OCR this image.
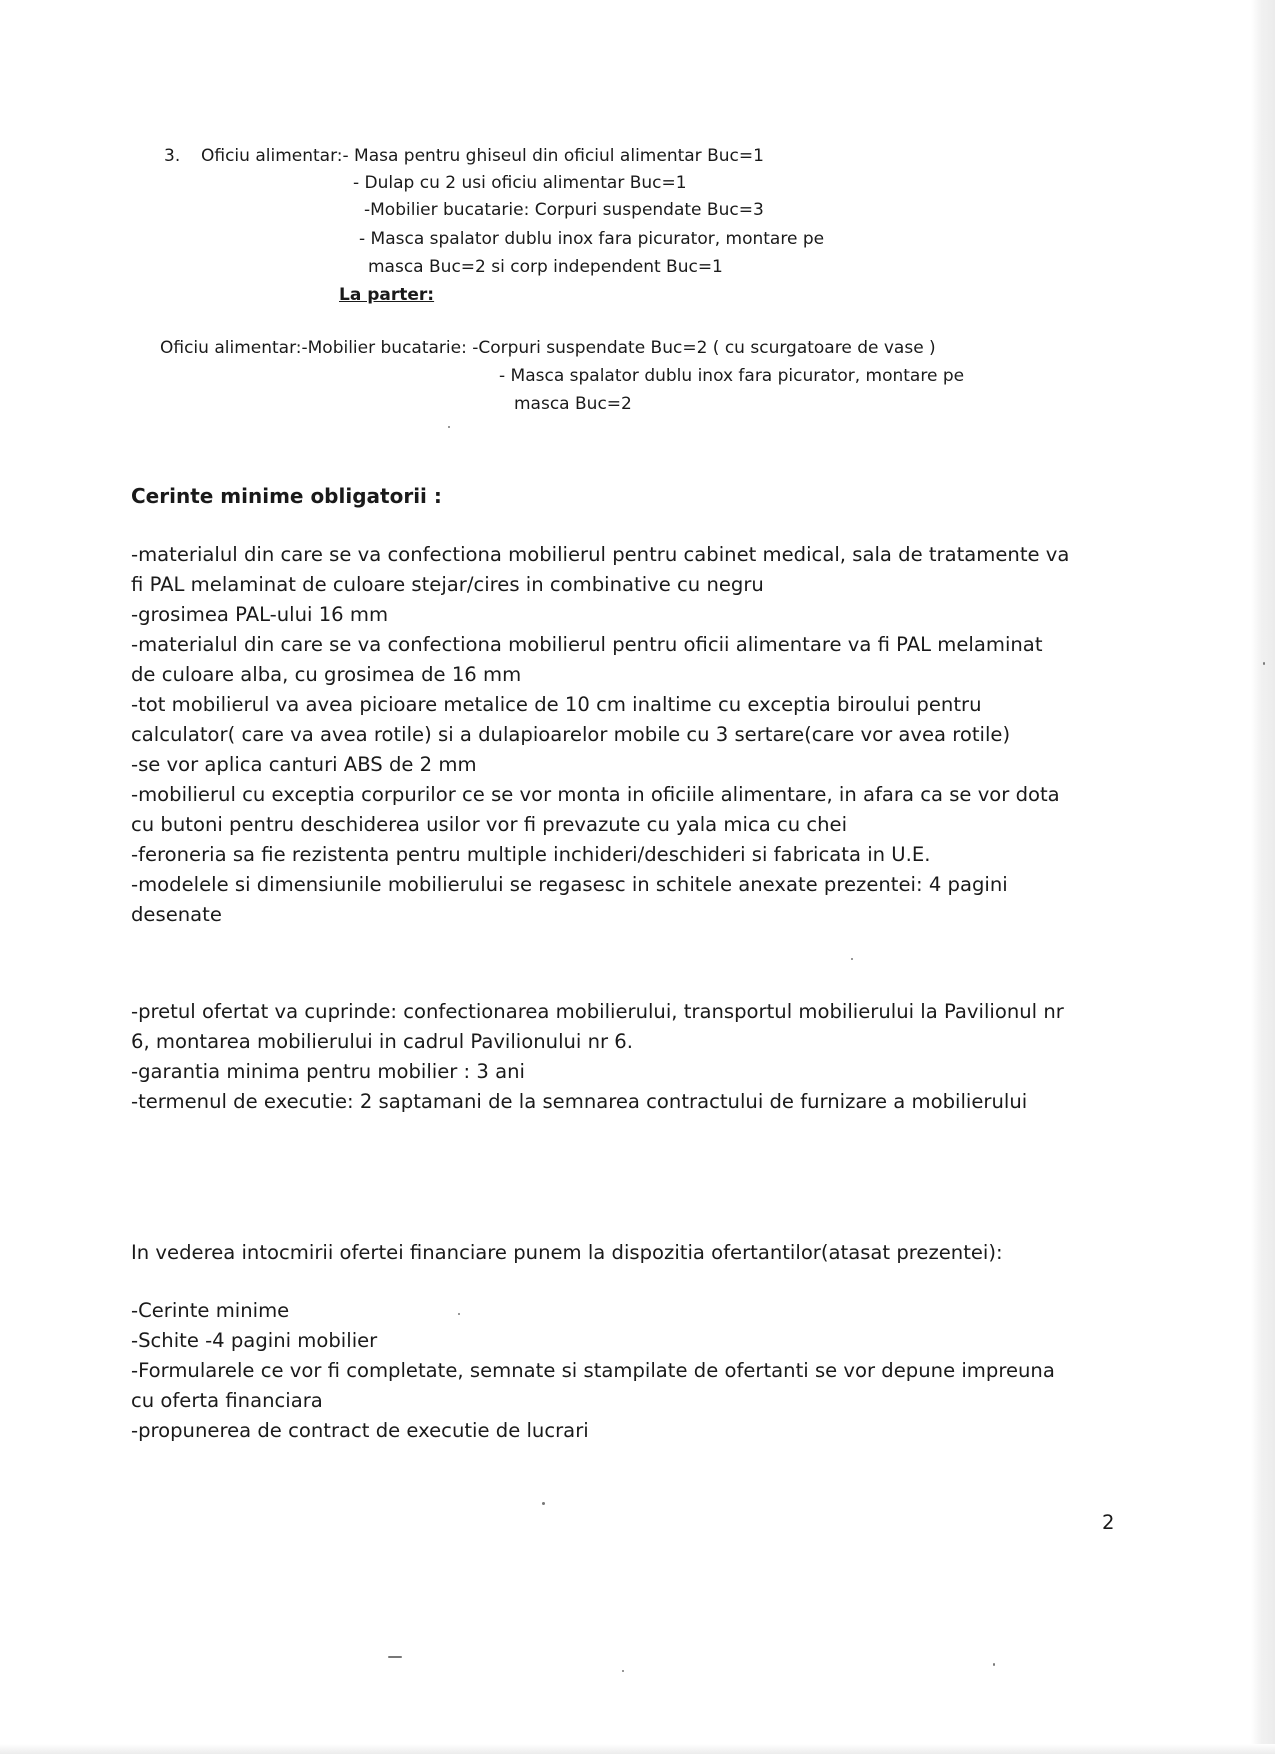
3. Oficiu alimentar:- Masa pentru ghiseul din oficiul alimentar Buc=1
- Dulap cu 2 usi oficiu alimentar Buc=1
-Mobilier bucatarie: Corpuri suspendate Buc=3
- Masca spalator dublu inox fara picurator, montare pe
masca Buc=2 si corp independent Buc=1
La parter:
Oficiu alimentar:-Mobilier bucatarie: -Corpuri suspendate Buc=2 ( cu scurgatoare de vase )
- Masca spalator dublu inox fara picurator, montare pe
masca Buc=2
Cerinte minime obligatorii :
-materialul din care se va confectiona mobilierul pentru cabinet medical, sala de tratamente va
fi PAL melaminat de culoare stejar/cires in combinative cu negru
-grosimea PAL-ului 16 mm
-materialul din care se va confectiona mobilierul pentru oficii alimentare va fi PAL melaminat
de culoare alba, cu grosimea de 16 mm
-tot mobilierul va avea picioare metalice de 10 cm inaltime cu exceptia biroului pentru
calculator( care va avea rotile) si a dulapioarelor mobile cu 3 sertare(care vor avea rotile)
-se vor aplica canturi ABS de 2 mm
-mobilierul cu exceptia corpurilor ce se vor monta in oficiile alimentare, in afara ca se vor dota
cu butoni pentru deschiderea usilor vor fi prevazute cu yala mica cu chei
-feroneria sa fie rezistenta pentru multiple inchideri/deschideri si fabricata in U.E.
-modelele si dimensiunile mobilierului se regasesc in schitele anexate prezentei: 4 pagini
desenate
-pretul ofertat va cuprinde: confectionarea mobilierului, transportul mobilierului la Pavilionul nr
6, montarea mobilierului in cadrul Pavilionului nr 6.
-garantia minima pentru mobilier : 3 ani
-termenul de executie: 2 saptamani de la semnarea contractului de furnizare a mobilierului
In vederea intocmirii ofertei financiare punem la dispozitia ofertantilor(atasat prezentei):
-Cerinte minime
-Schite -4 pagini mobilier
-Formularele ce vor fi completate, semnate si stampilate de ofertanti se vor depune impreuna
cu oferta financiara
-propunerea de contract de executie de lucrari
2
